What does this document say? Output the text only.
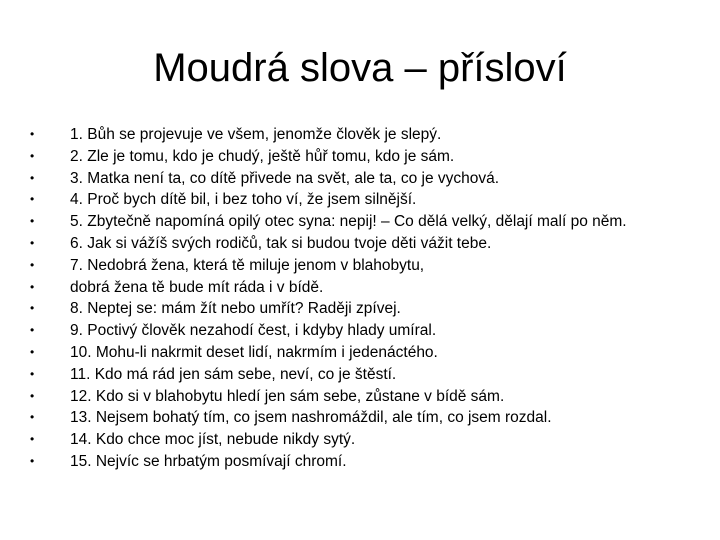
Moudrá slova – přísloví
• 1. Bůh se projevuje ve všem, jenomže člověk je slepý.
• 2. Zle je tomu, kdo je chudý, ještě hůř tomu, kdo je sám.
• 3. Matka není ta, co dítě přivede na svět, ale ta, co je vychová.
• 4. Proč bych dítě bil, i bez toho ví, že jsem silnější.
• 5. Zbytečně napomíná opilý otec syna: nepij! – Co dělá velký, dělají malí po něm.
• 6. Jak si vážíš svých rodičů, tak si budou tvoje děti vážit tebe.
• 7. Nedobrá žena, která tě miluje jenom v blahobytu,
• dobrá žena tě bude mít ráda i v bídě.
• 8. Neptej se: mám žít nebo umřít? Raději zpívej.
• 9. Poctivý člověk nezahodí čest, i kdyby hlady umíral.
• 10. Mohu-li nakrmit deset lidí, nakrmím i jedenáctého.
• 11. Kdo má rád jen sám sebe, neví, co je štěstí.
• 12. Kdo si v blahobytu hledí jen sám sebe, zůstane v bídě sám.
• 13. Nejsem bohatý tím, co jsem nashromáždil, ale tím, co jsem rozdal.
• 14. Kdo chce moc jíst, nebude nikdy sytý.
• 15. Nejvíc se hrbatým posmívají chromí.
